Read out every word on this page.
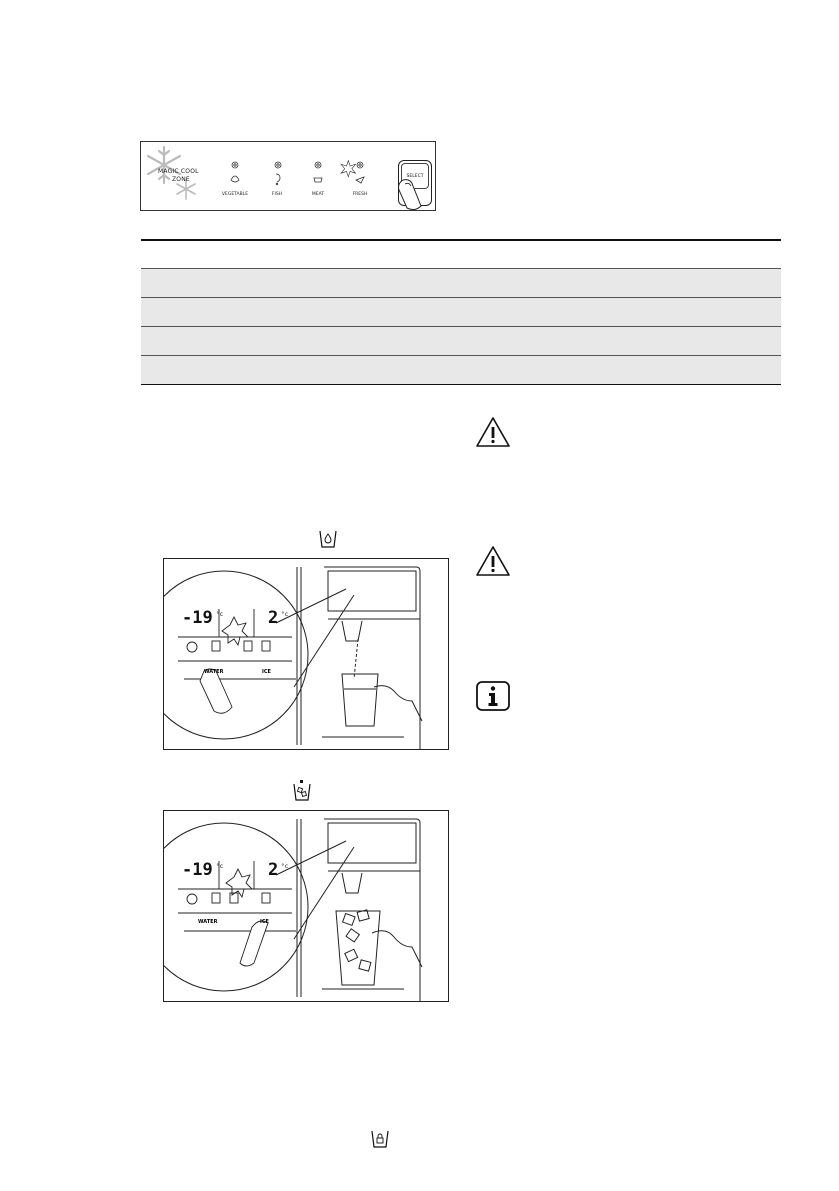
MAGIC COOL
ZONE
VEGETABLE	FISH	MEAT	FRESH
SELECT
-19 °c	2 °c
WATER	ICE
-19 °c	2 °c
WATER	ICE
